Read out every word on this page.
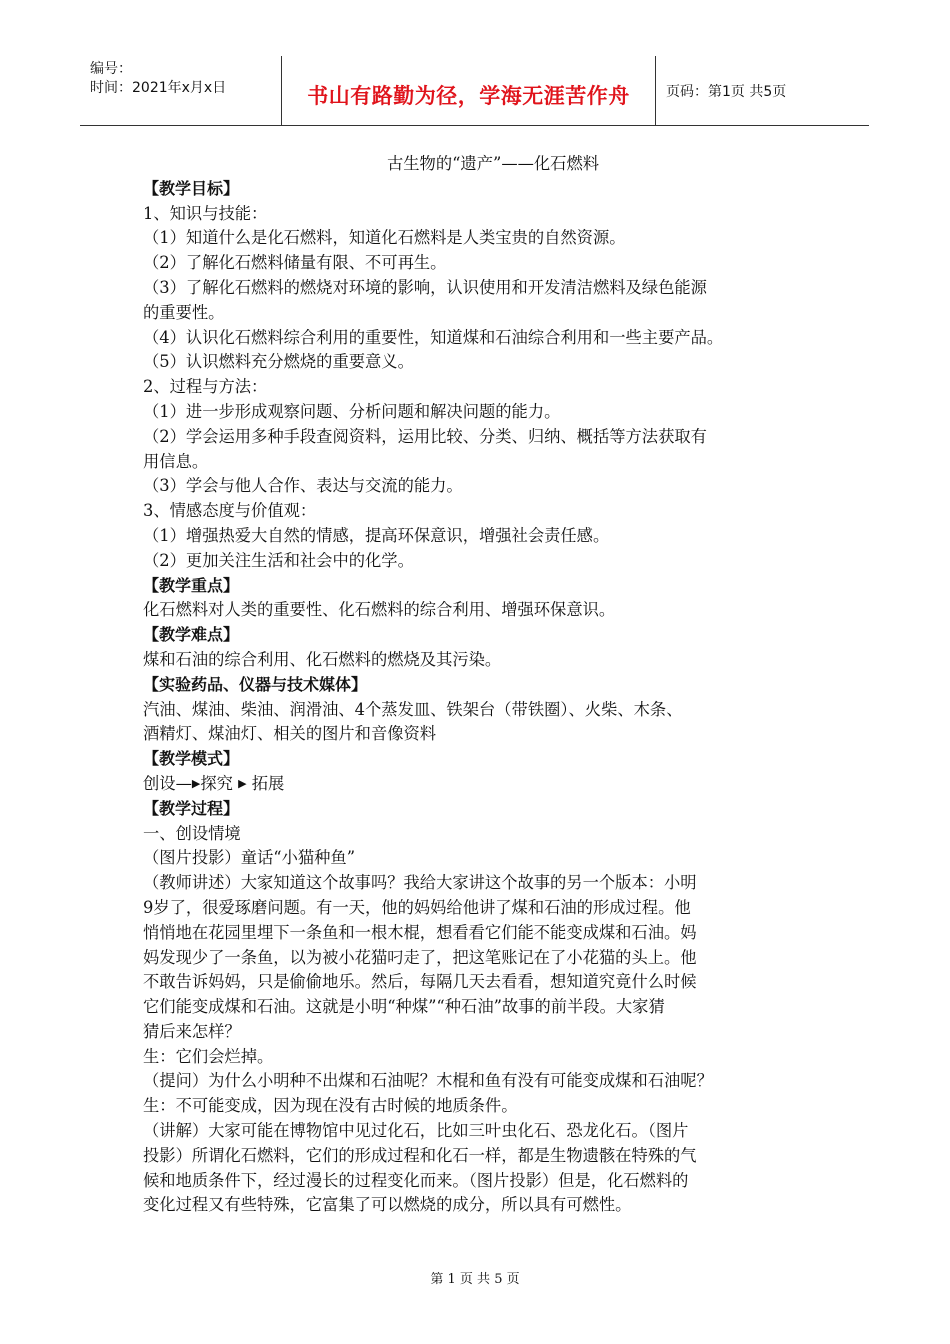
编号：
时间：2021年x月x日	书山有路勤为径，学海无涯苦作舟	页码：第1页 共5页
古生物的“遗产”——化石燃料
【教学目标】
1、知识与技能：
（1）知道什么是化石燃料，知道化石燃料是人类宝贵的自然资源。
（2）了解化石燃料储量有限、不可再生。
（3）了解化石燃料的燃烧对环境的影响，认识使用和开发清洁燃料及绿色能源
的重要性。
（4）认识化石燃料综合利用的重要性，知道煤和石油综合利用和一些主要产品。
（5）认识燃料充分燃烧的重要意义。
2、过程与方法：
（1）进一步形成观察问题、分析问题和解决问题的能力。
（2）学会运用多种手段查阅资料，运用比较、分类、归纳、概括等方法获取有
用信息。
（3）学会与他人合作、表达与交流的能力。
3、情感态度与价值观：
（1）增强热爱大自然的情感，提高环保意识，增强社会责任感。
（2）更加关注生活和社会中的化学。
【教学重点】
化石燃料对人类的重要性、化石燃料的综合利用、增强环保意识。
【教学难点】
煤和石油的综合利用、化石燃料的燃烧及其污染。
【实验药品、仪器与技术媒体】
汽油、煤油、柴油、润滑油、4个蒸发皿、铁架台（带铁圈）、火柴、木条、
酒精灯、煤油灯、相关的图片和音像资料
【教学模式】
创设—▶探究 ▶ 拓展
【教学过程】
一、创设情境
（图片投影）童话“小猫种鱼”
（教师讲述）大家知道这个故事吗？我给大家讲这个故事的另一个版本：小明
9岁了，很爱琢磨问题。有一天，他的妈妈给他讲了煤和石油的形成过程。他
悄悄地在花园里埋下一条鱼和一根木棍，想看看它们能不能变成煤和石油。妈
妈发现少了一条鱼，以为被小花猫叼走了，把这笔账记在了小花猫的头上。他
不敢告诉妈妈，只是偷偷地乐。然后，每隔几天去看看，想知道究竟什么时候
它们能变成煤和石油。这就是小明“种煤”“种石油”故事的前半段。大家猜
猜后来怎样？
生：它们会烂掉。
（提问）为什么小明种不出煤和石油呢？木棍和鱼有没有可能变成煤和石油呢？
生：不可能变成，因为现在没有古时候的地质条件。
（讲解）大家可能在博物馆中见过化石，比如三叶虫化石、恐龙化石。（图片
投影）所谓化石燃料，它们的形成过程和化石一样，都是生物遗骸在特殊的气
候和地质条件下，经过漫长的过程变化而来。（图片投影）但是，化石燃料的
变化过程又有些特殊，它富集了可以燃烧的成分，所以具有可燃性。
第 1 页 共 5 页
